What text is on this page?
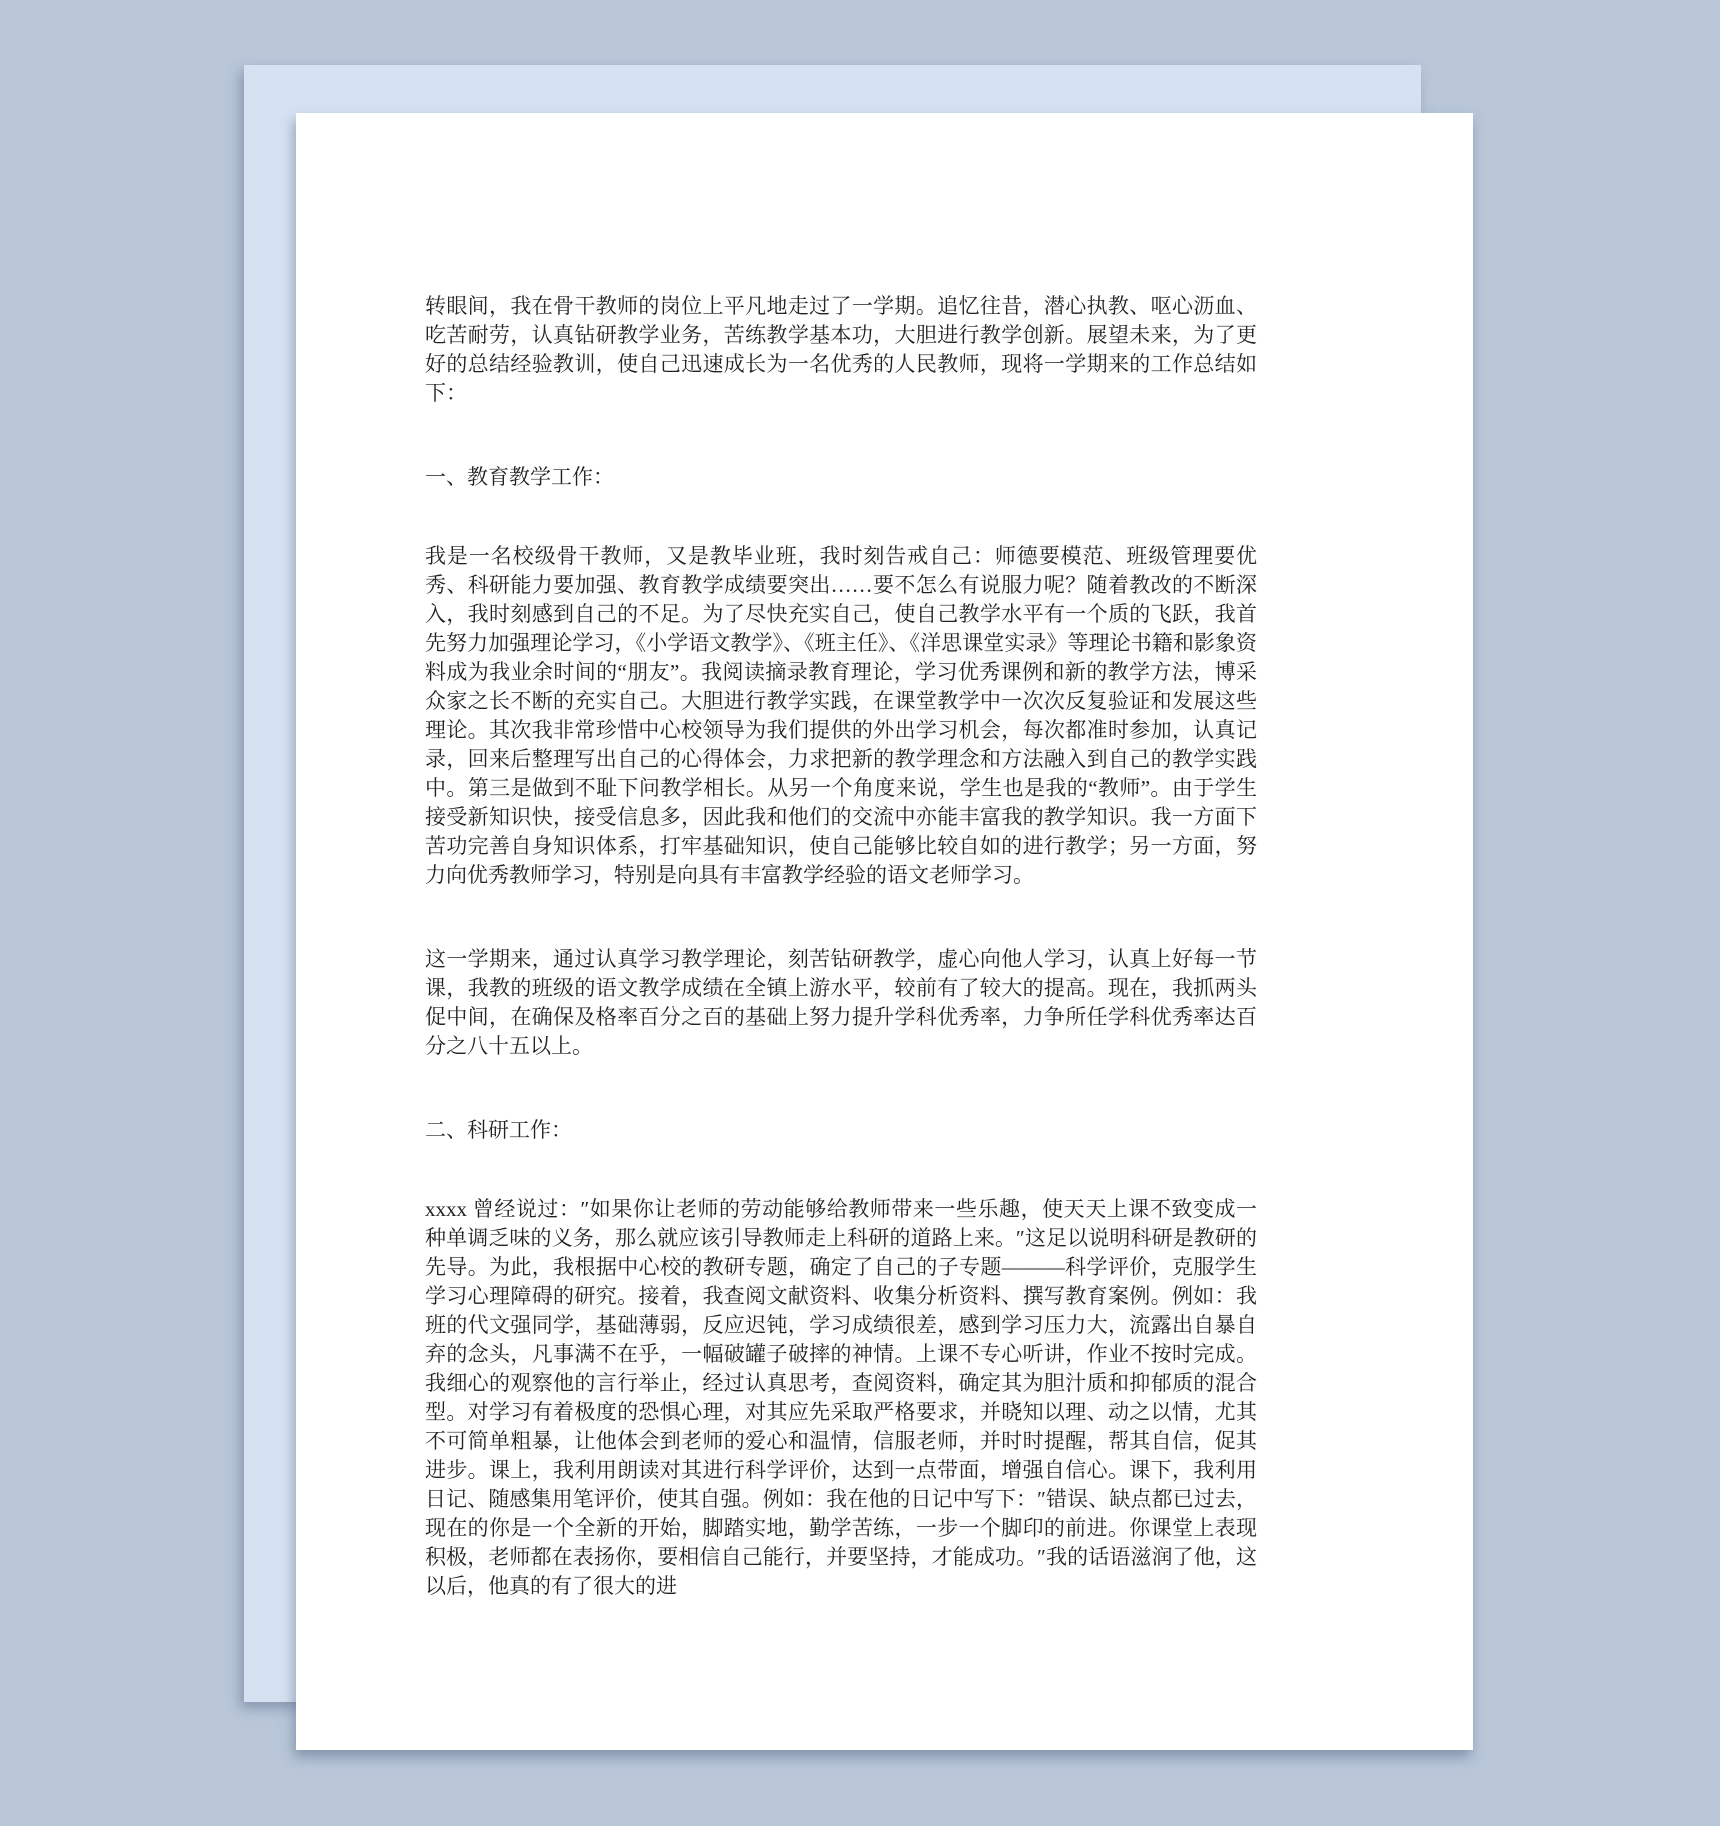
转眼间，我在骨干教师的岗位上平凡地走过了一学期。追忆往昔，潜心执教、呕心沥血、吃苦耐劳，认真钻研教学业务，苦练教学基本功，大胆进行教学创新。展望未来，为了更好的总结经验教训，使自己迅速成长为一名优秀的人民教师，现将一学期来的工作总结如下：

一、教育教学工作：

我是一名校级骨干教师，又是教毕业班，我时刻告戒自己：师德要模范、班级管理要优秀、科研能力要加强、教育教学成绩要突出……要不怎么有说服力呢？随着教改的不断深入，我时刻感到自己的不足。为了尽快充实自己，使自己教学水平有一个质的飞跃，我首先努力加强理论学习，《小学语文教学》、《班主任》、《洋思课堂实录》等理论书籍和影象资料成为我业余时间的“朋友”。我阅读摘录教育理论，学习优秀课例和新的教学方法，博采众家之长不断的充实自己。大胆进行教学实践，在课堂教学中一次次反复验证和发展这些理论。其次我非常珍惜中心校领导为我们提供的外出学习机会，每次都准时参加，认真记录，回来后整理写出自己的心得体会，力求把新的教学理念和方法融入到自己的教学实践中。第三是做到不耻下问教学相长。从另一个角度来说，学生也是我的“教师”。由于学生接受新知识快，接受信息多，因此我和他们的交流中亦能丰富我的教学知识。我一方面下苦功完善自身知识体系，打牢基础知识，使自己能够比较自如的进行教学；另一方面，努力向优秀教师学习，特别是向具有丰富教学经验的语文老师学习。

这一学期来，通过认真学习教学理论，刻苦钻研教学，虚心向他人学习，认真上好每一节课，我教的班级的语文教学成绩在全镇上游水平，较前有了较大的提高。现在，我抓两头促中间，在确保及格率百分之百的基础上努力提升学科优秀率，力争所任学科优秀率达百分之八十五以上。

二、科研工作：

xxxx 曾经说过：″如果你让老师的劳动能够给教师带来一些乐趣，使天天上课不致变成一种单调乏味的义务，那么就应该引导教师走上科研的道路上来。″这足以说明科研是教研的先导。为此，我根据中心校的教研专题，确定了自己的子专题———科学评价，克服学生学习心理障碍的研究。接着，我查阅文献资料、收集分析资料、撰写教育案例。例如：我班的代文强同学，基础薄弱，反应迟钝，学习成绩很差，感到学习压力大，流露出自暴自弃的念头，凡事满不在乎，一幅破罐子破摔的神情。上课不专心听讲，作业不按时完成。我细心的观察他的言行举止，经过认真思考，查阅资料，确定其为胆汁质和抑郁质的混合型。对学习有着极度的恐惧心理，对其应先采取严格要求，并晓知以理、动之以情，尤其不可简单粗暴，让他体会到老师的爱心和温情，信服老师，并时时提醒，帮其自信，促其进步。课上，我利用朗读对其进行科学评价，达到一点带面，增强自信心。课下，我利用日记、随感集用笔评价，使其自强。例如：我在他的日记中写下：″错误、缺点都已过去，现在的你是一个全新的开始，脚踏实地，勤学苦练，一步一个脚印的前进。你课堂上表现积极，老师都在表扬你，要相信自己能行，并要坚持，才能成功。″我的话语滋润了他，这以后，他真的有了很大的进
